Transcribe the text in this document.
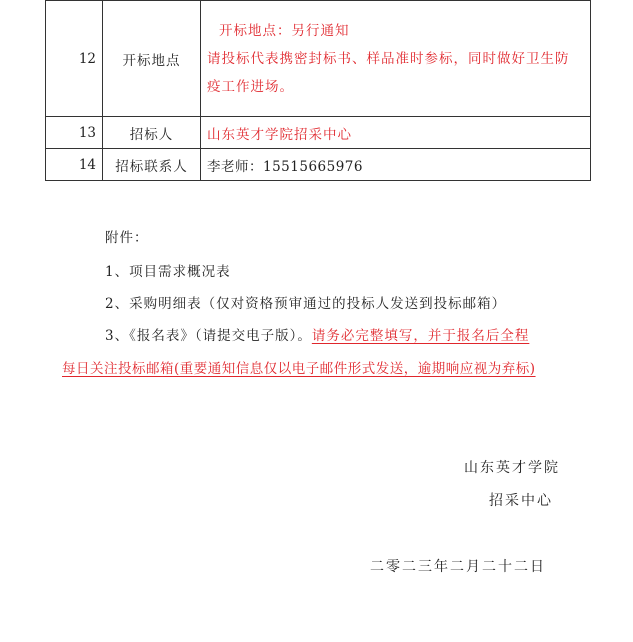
12	开标地点	开标地点：另行通知
请投标代表携密封标书、样品准时参标，同时做好卫生防
疫工作进场。

13	招标人	山东英才学院招采中心
14	招标联系人	李老师：15515665976
附件：
1、项目需求概况表
2、采购明细表（仅对资格预审通过的投标人发送到投标邮箱）
3、《报名表》（请提交电子版）。请务必完整填写，并于报名后全程
每日关注投标邮箱(重要通知信息仅以电子邮件形式发送，逾期响应视为弃标)
山东英才学院
招采中心
二零二三年二月二十二日
